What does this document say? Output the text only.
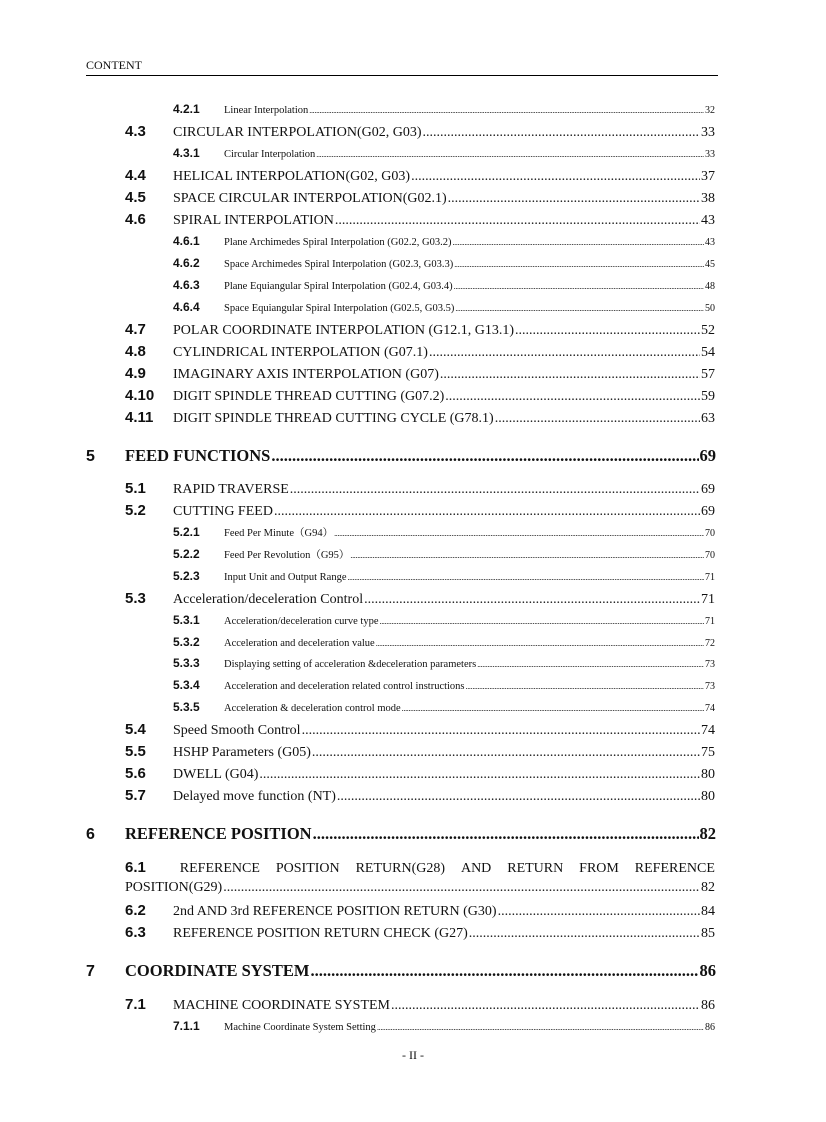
CONTENT
4.2.1	Linear Interpolation .....	32
4.3	CIRCULAR INTERPOLATION(G02, G03) .....	33
4.3.1	Circular Interpolation .....	33
4.4	HELICAL INTERPOLATION(G02, G03) .....	37
4.5	SPACE CIRCULAR INTERPOLATION(G02.1) .....	38
4.6	SPIRAL INTERPOLATION .....	43
4.6.1	Plane Archimedes Spiral Interpolation (G02.2, G03.2) .....	43
4.6.2	Space Archimedes Spiral Interpolation (G02.3, G03.3) .....	45
4.6.3	Plane Equiangular Spiral Interpolation (G02.4, G03.4) .....	48
4.6.4	Space Equiangular Spiral Interpolation (G02.5, G03.5) .....	50
4.7	POLAR COORDINATE INTERPOLATION (G12.1, G13.1) .....	52
4.8	CYLINDRICAL INTERPOLATION (G07.1) .....	54
4.9	IMAGINARY AXIS INTERPOLATION (G07) .....	57
4.10	DIGIT SPINDLE THREAD CUTTING (G07.2) .....	59
4.11	DIGIT SPINDLE THREAD CUTTING CYCLE (G78.1) .....	63
5	FEED FUNCTIONS .....	69
5.1	RAPID TRAVERSE .....	69
5.2	CUTTING FEED .....	69
5.2.1	Feed Per Minute（G94） .....	70
5.2.2	Feed Per Revolution（G95） .....	70
5.2.3	Input Unit and Output Range .....	71
5.3	Acceleration/deceleration Control .....	71
5.3.1	Acceleration/deceleration curve type .....	71
5.3.2	Acceleration and deceleration value .....	72
5.3.3	Displaying setting of acceleration &deceleration parameters .....	73
5.3.4	Acceleration and deceleration related control instructions .....	73
5.3.5	Acceleration & deceleration control mode .....	74
5.4	Speed Smooth Control .....	74
5.5	HSHP Parameters (G05) .....	75
5.6	DWELL (G04) .....	80
5.7	Delayed move function (NT) .....	80
6	REFERENCE POSITION .....	82
6.1 REFERENCE POSITION RETURN(G28) AND RETURN FROM REFERENCE
POSITION(G29) .....	82
6.2	2nd AND 3rd REFERENCE POSITION RETURN (G30) .....	84
6.3	REFERENCE POSITION RETURN CHECK (G27) .....	85
7	COORDINATE SYSTEM .....	86
7.1	MACHINE COORDINATE SYSTEM .....	86
7.1.1	Machine Coordinate System Setting .....	86
- II -
